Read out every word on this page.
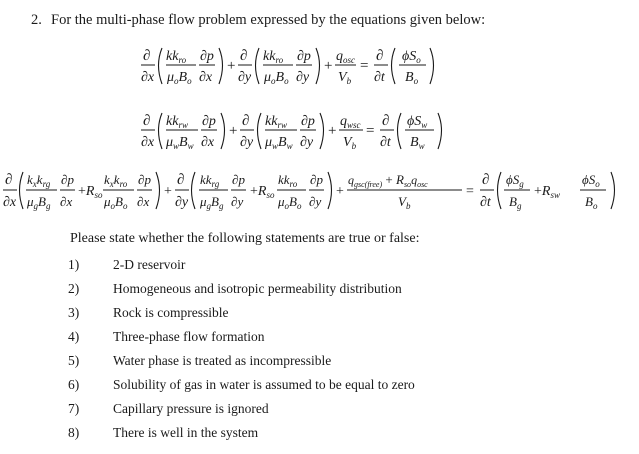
2. For the multi-phase flow problem expressed by the equations given below:
∂
∂x
$kk_{ro}$
$\mu_oB_o$
∂p
∂x
+
∂
∂y
$kk_{ro}$
$\mu_oB_o$
∂p
∂y
+
$q_{osc}$
$V_b$
=
∂
∂t
$\phi S_o$
$B_o$
∂
∂x
$kk_{rw}$
$\mu_wB_w$
∂p
∂x
+
∂
∂y
$kk_{rw}$
$\mu_wB_w$
∂p
∂y
+
$q_{wsc}$
$V_b$
=
∂
∂t
$\phi S_w$
$B_w$
∂
∂x
$k_xk_{rg}$
$\mu_gB_g$
∂p
∂x
$+R_{so}$
$k_xk_{ro}$
$\mu_oB_o$
∂p
∂x
+
∂
∂y
$kk_{rg}$
$\mu_gB_g$
∂p
∂y
$+R_{so}$
$kk_{ro}$
$\mu_oB_o$
∂p
∂y
+
$q_{gsc(free)} + R_{so}q_{osc}$
$V_b$
=
∂
∂t
$\phi S_g$
$B_g$
$+R_{sw}$
$\phi S_o$
$B_o$
Please state whether the following statements are true or false:
1)	2-D reservoir
2)	Homogeneous and isotropic permeability distribution
3)	Rock is compressible
4)	Three-phase flow formation
5)	Water phase is treated as incompressible
6)	Solubility of gas in water is assumed to be equal to zero
7)	Capillary pressure is ignored
8)	There is well in the system
